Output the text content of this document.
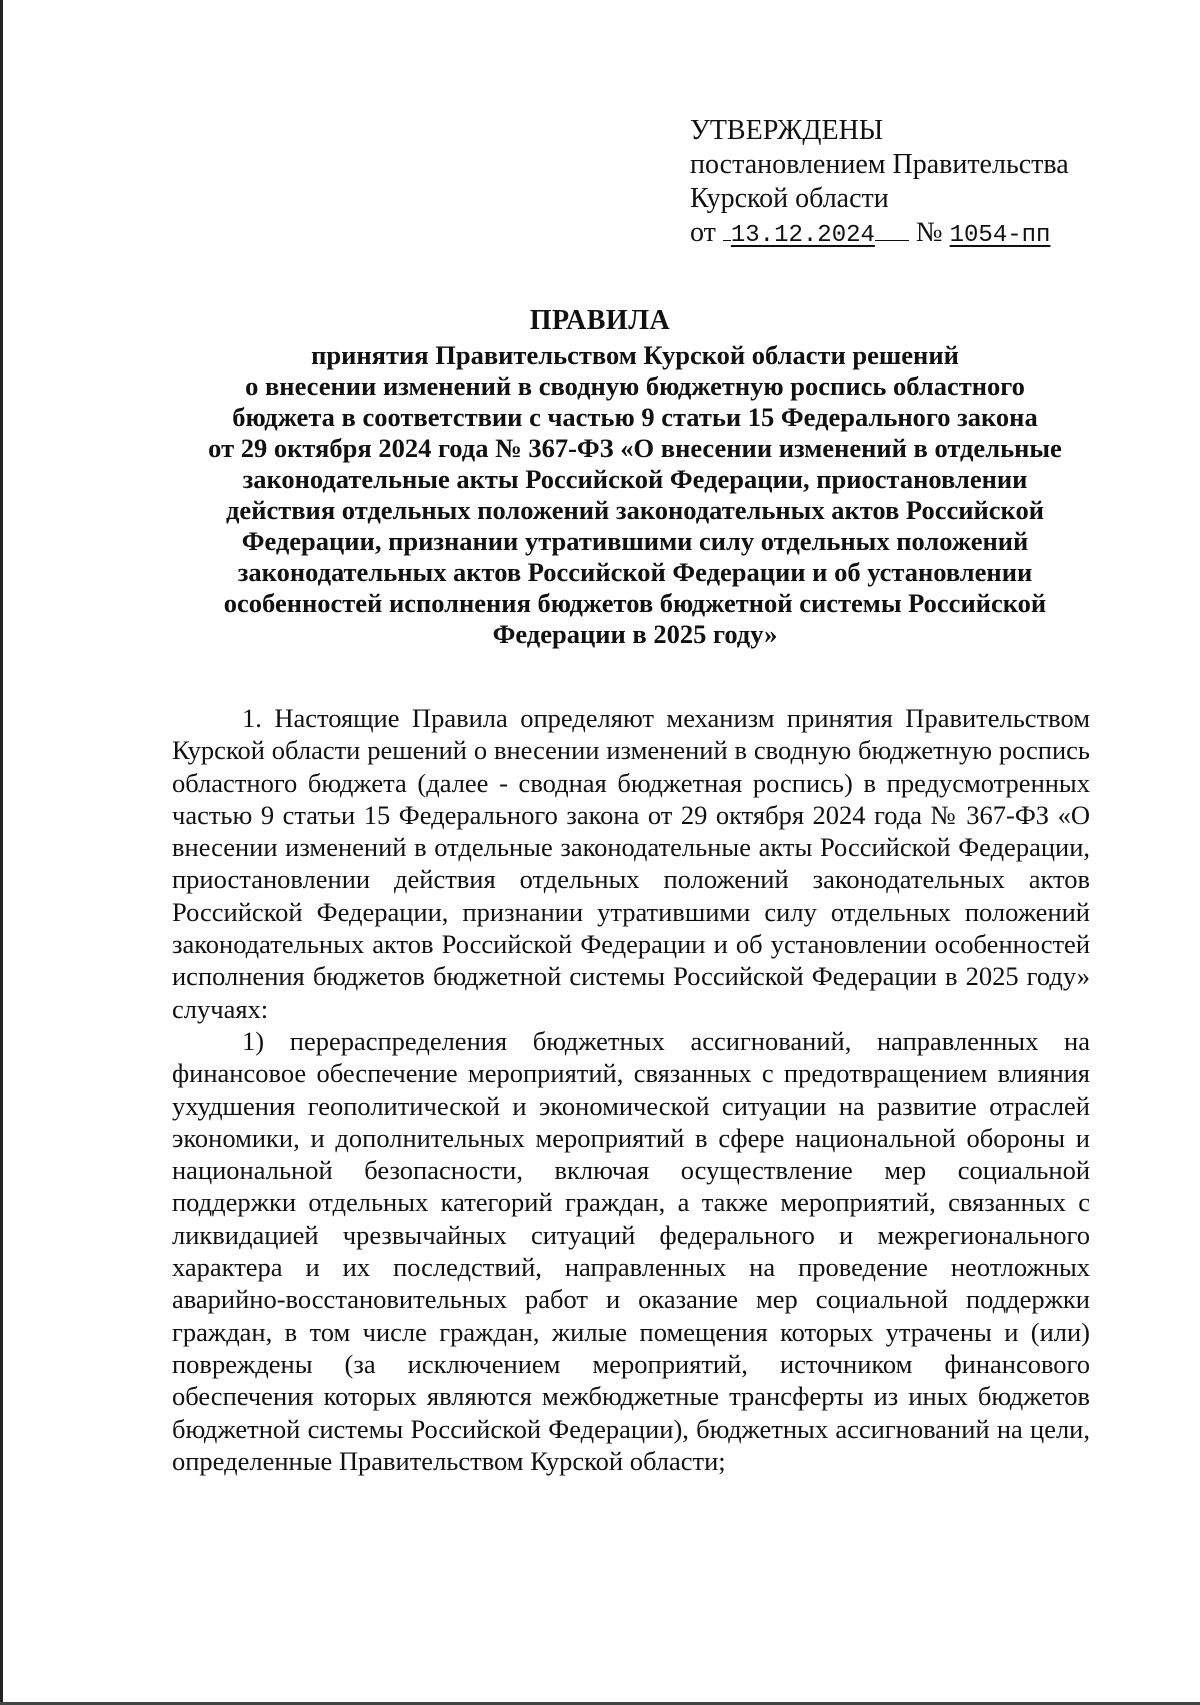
УТВЕРЖДЕНЫ
постановлением Правительства
Курской области
от 13.12.2024 № 1054-пп
ПРАВИЛА
принятия Правительством Курской области решений
о внесении изменений в сводную бюджетную роспись областного
бюджета в соответствии с частью 9 статьи 15 Федерального закона
от 29 октября 2024 года № 367-ФЗ «О внесении изменений в отдельные
законодательные акты Российской Федерации, приостановлении
действия отдельных положений законодательных актов Российской
Федерации, признании утратившими силу отдельных положений
законодательных актов Российской Федерации и об установлении
особенностей исполнения бюджетов бюджетной системы Российской
Федерации в 2025 году»

1. Настоящие Правила определяют механизм принятия Правительством Курской области решений о внесении изменений в сводную бюджетную роспись областного бюджета (далее - сводная бюджетная роспись) в предусмотренных частью 9 статьи 15 Федерального закона от 29 октября 2024 года № 367-ФЗ «О внесении изменений в отдельные законодательные акты Российской Федерации, приостановлении действия отдельных положений законодательных актов Российской Федерации, признании утратившими силу отдельных положений законодательных актов Российской Федерации и об установлении особенностей исполнения бюджетов бюджетной системы Российской Федерации в 2025 году» случаях:

1) перераспределения бюджетных ассигнований, направленных на финансовое обеспечение мероприятий, связанных с предотвращением влияния ухудшения геополитической и экономической ситуации на развитие отраслей экономики, и дополнительных мероприятий в сфере национальной обороны и национальной безопасности, включая осуществление мер социальной поддержки отдельных категорий граждан, а также мероприятий, связанных с ликвидацией чрезвычайных ситуаций федерального и межрегионального характера и их последствий, направленных на проведение неотложных аварийно-восстановительных работ и оказание мер социальной поддержки граждан, в том числе граждан, жилые помещения которых утрачены и (или) повреждены (за исключением мероприятий, источником финансового обеспечения которых являются межбюджетные трансферты из иных бюджетов бюджетной системы Российской Федерации), бюджетных ассигнований на цели, определенные Правительством Курской области;
